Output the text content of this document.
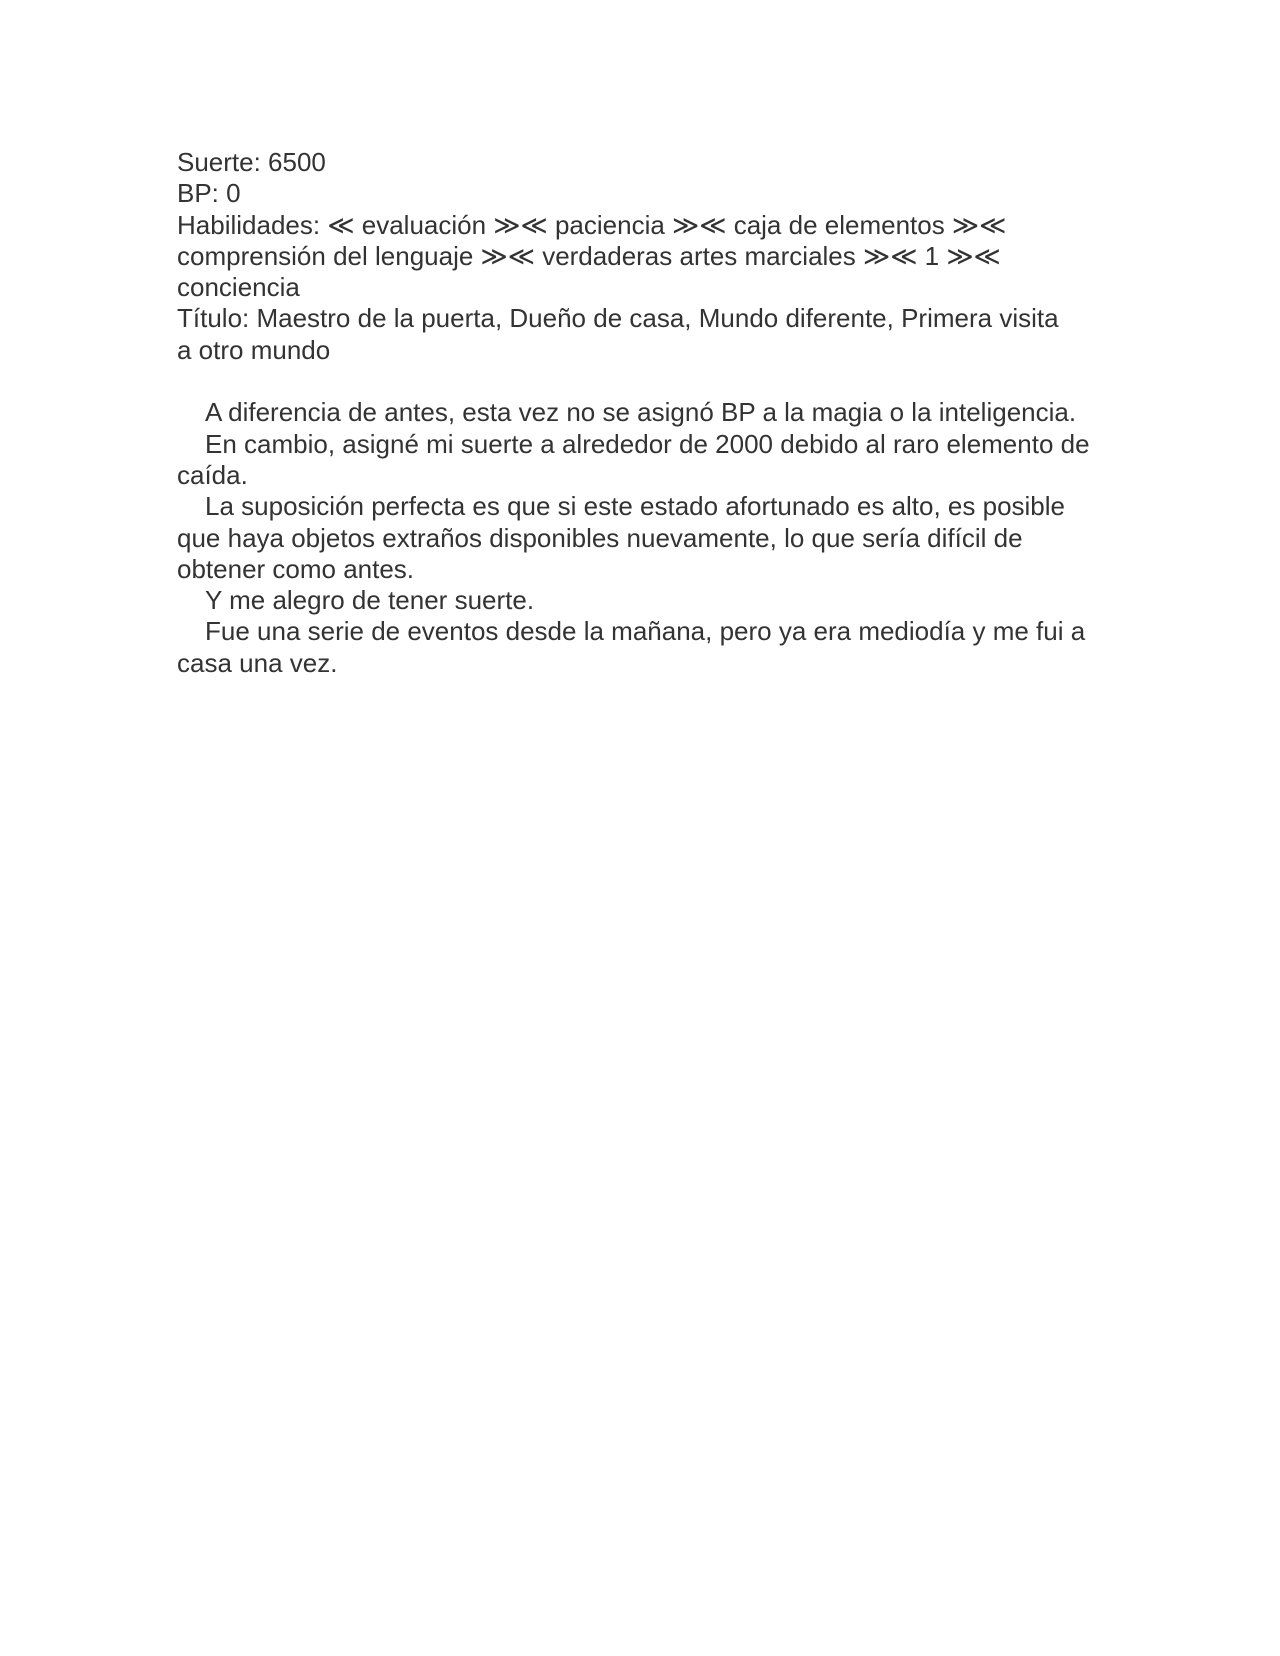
Suerte: 6500
BP: 0
Habilidades: ≪ evaluación ≫≪ paciencia ≫≪ caja de elementos ≫≪
comprensión del lenguaje ≫≪ verdaderas artes marciales ≫≪ 1 ≫≪
conciencia
Título: Maestro de la puerta, Dueño de casa, Mundo diferente, Primera visita
a otro mundo

A diferencia de antes, esta vez no se asignó BP a la magia o la inteligencia.

En cambio, asigné mi suerte a alrededor de 2000 debido al raro elemento de caída.

La suposición perfecta es que si este estado afortunado es alto, es posible que haya objetos extraños disponibles nuevamente, lo que sería difícil de obtener como antes.

Y me alegro de tener suerte.

Fue una serie de eventos desde la mañana, pero ya era mediodía y me fui a casa una vez.
